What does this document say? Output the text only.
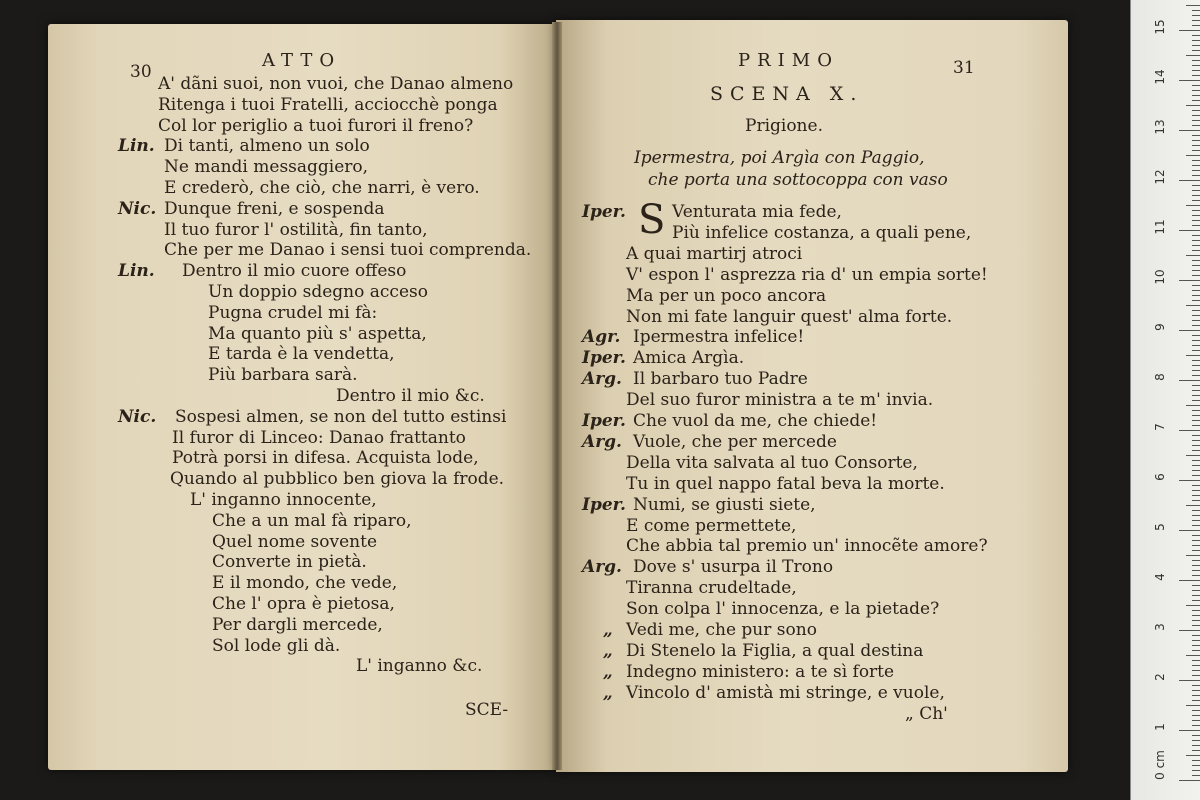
30
ATTO
A' dãni suoi, non vuoi, che Danao almeno
Ritenga i tuoi Fratelli, acciocchè ponga
Col lor periglio a tuoi furori il freno?
Lin. Di tanti, almeno un solo
Ne mandi messaggiero,
E crederò, che ciò, che narri, è vero.
Nic. Dunque freni, e sospenda
Il tuo furor l' ostilità, fin tanto,
Che per me Danao i sensi tuoi comprenda.
Lin. Dentro il mio cuore offeso
Un doppio sdegno acceso
Pugna crudel mi fà:
Ma quanto più s' aspetta,
E tarda è la vendetta,
Più barbara sarà.
Dentro il mio &c.
Nic. Sospesi almen, se non del tutto estinsi
Il furor di Linceo: Danao frattanto
Potrà porsi in difesa. Acquista lode,
Quando al pubblico ben giova la frode.
L' inganno innocente,
Che a un mal fà riparo,
Quel nome sovente
Converte in pietà.
E il mondo, che vede,
Che l' opra è pietosa,
Per dargli mercede,
Sol lode gli dà.
L' inganno &c.
SCE-
PRIMO	31
SCENA X.
Prigione.
Ipermestra, poi Argìa con Paggio,
che porta una sottocoppa con vaso
S
Iper.	Venturata mia fede,
Più infelice costanza, a quali pene,
A quai martirj atroci
V' espon l' asprezza ria d' un empia sorte!
Ma per un poco ancora
Non mi fate languir quest' alma forte.
Agr. Ipermestra infelice!
Iper. Amica Argìa.
Arg. Il barbaro tuo Padre
Del suo furor ministra a te m' invia.
Iper. Che vuol da me, che chiede!
Arg. Vuole, che per mercede
Della vita salvata al tuo Consorte,
Tu in quel nappo fatal beva la morte.
Iper. Numi, se giusti siete,
E come permettete,
Che abbia tal premio un' innocẽte amore?
Arg. Dove s' usurpa il Trono
Tiranna crudeltade,
Son colpa l' innocenza, e la pietade?
„ Vedi me, che pur sono
„ Di Stenelo la Figlia, a qual destina
„ Indegno ministero: a te sì forte
„ Vincolo d' amistà mi stringe, e vuole,
„ Ch'
0 cm
1
2
3
4
5
6
7
8
9
10
11
12
13
14
15
